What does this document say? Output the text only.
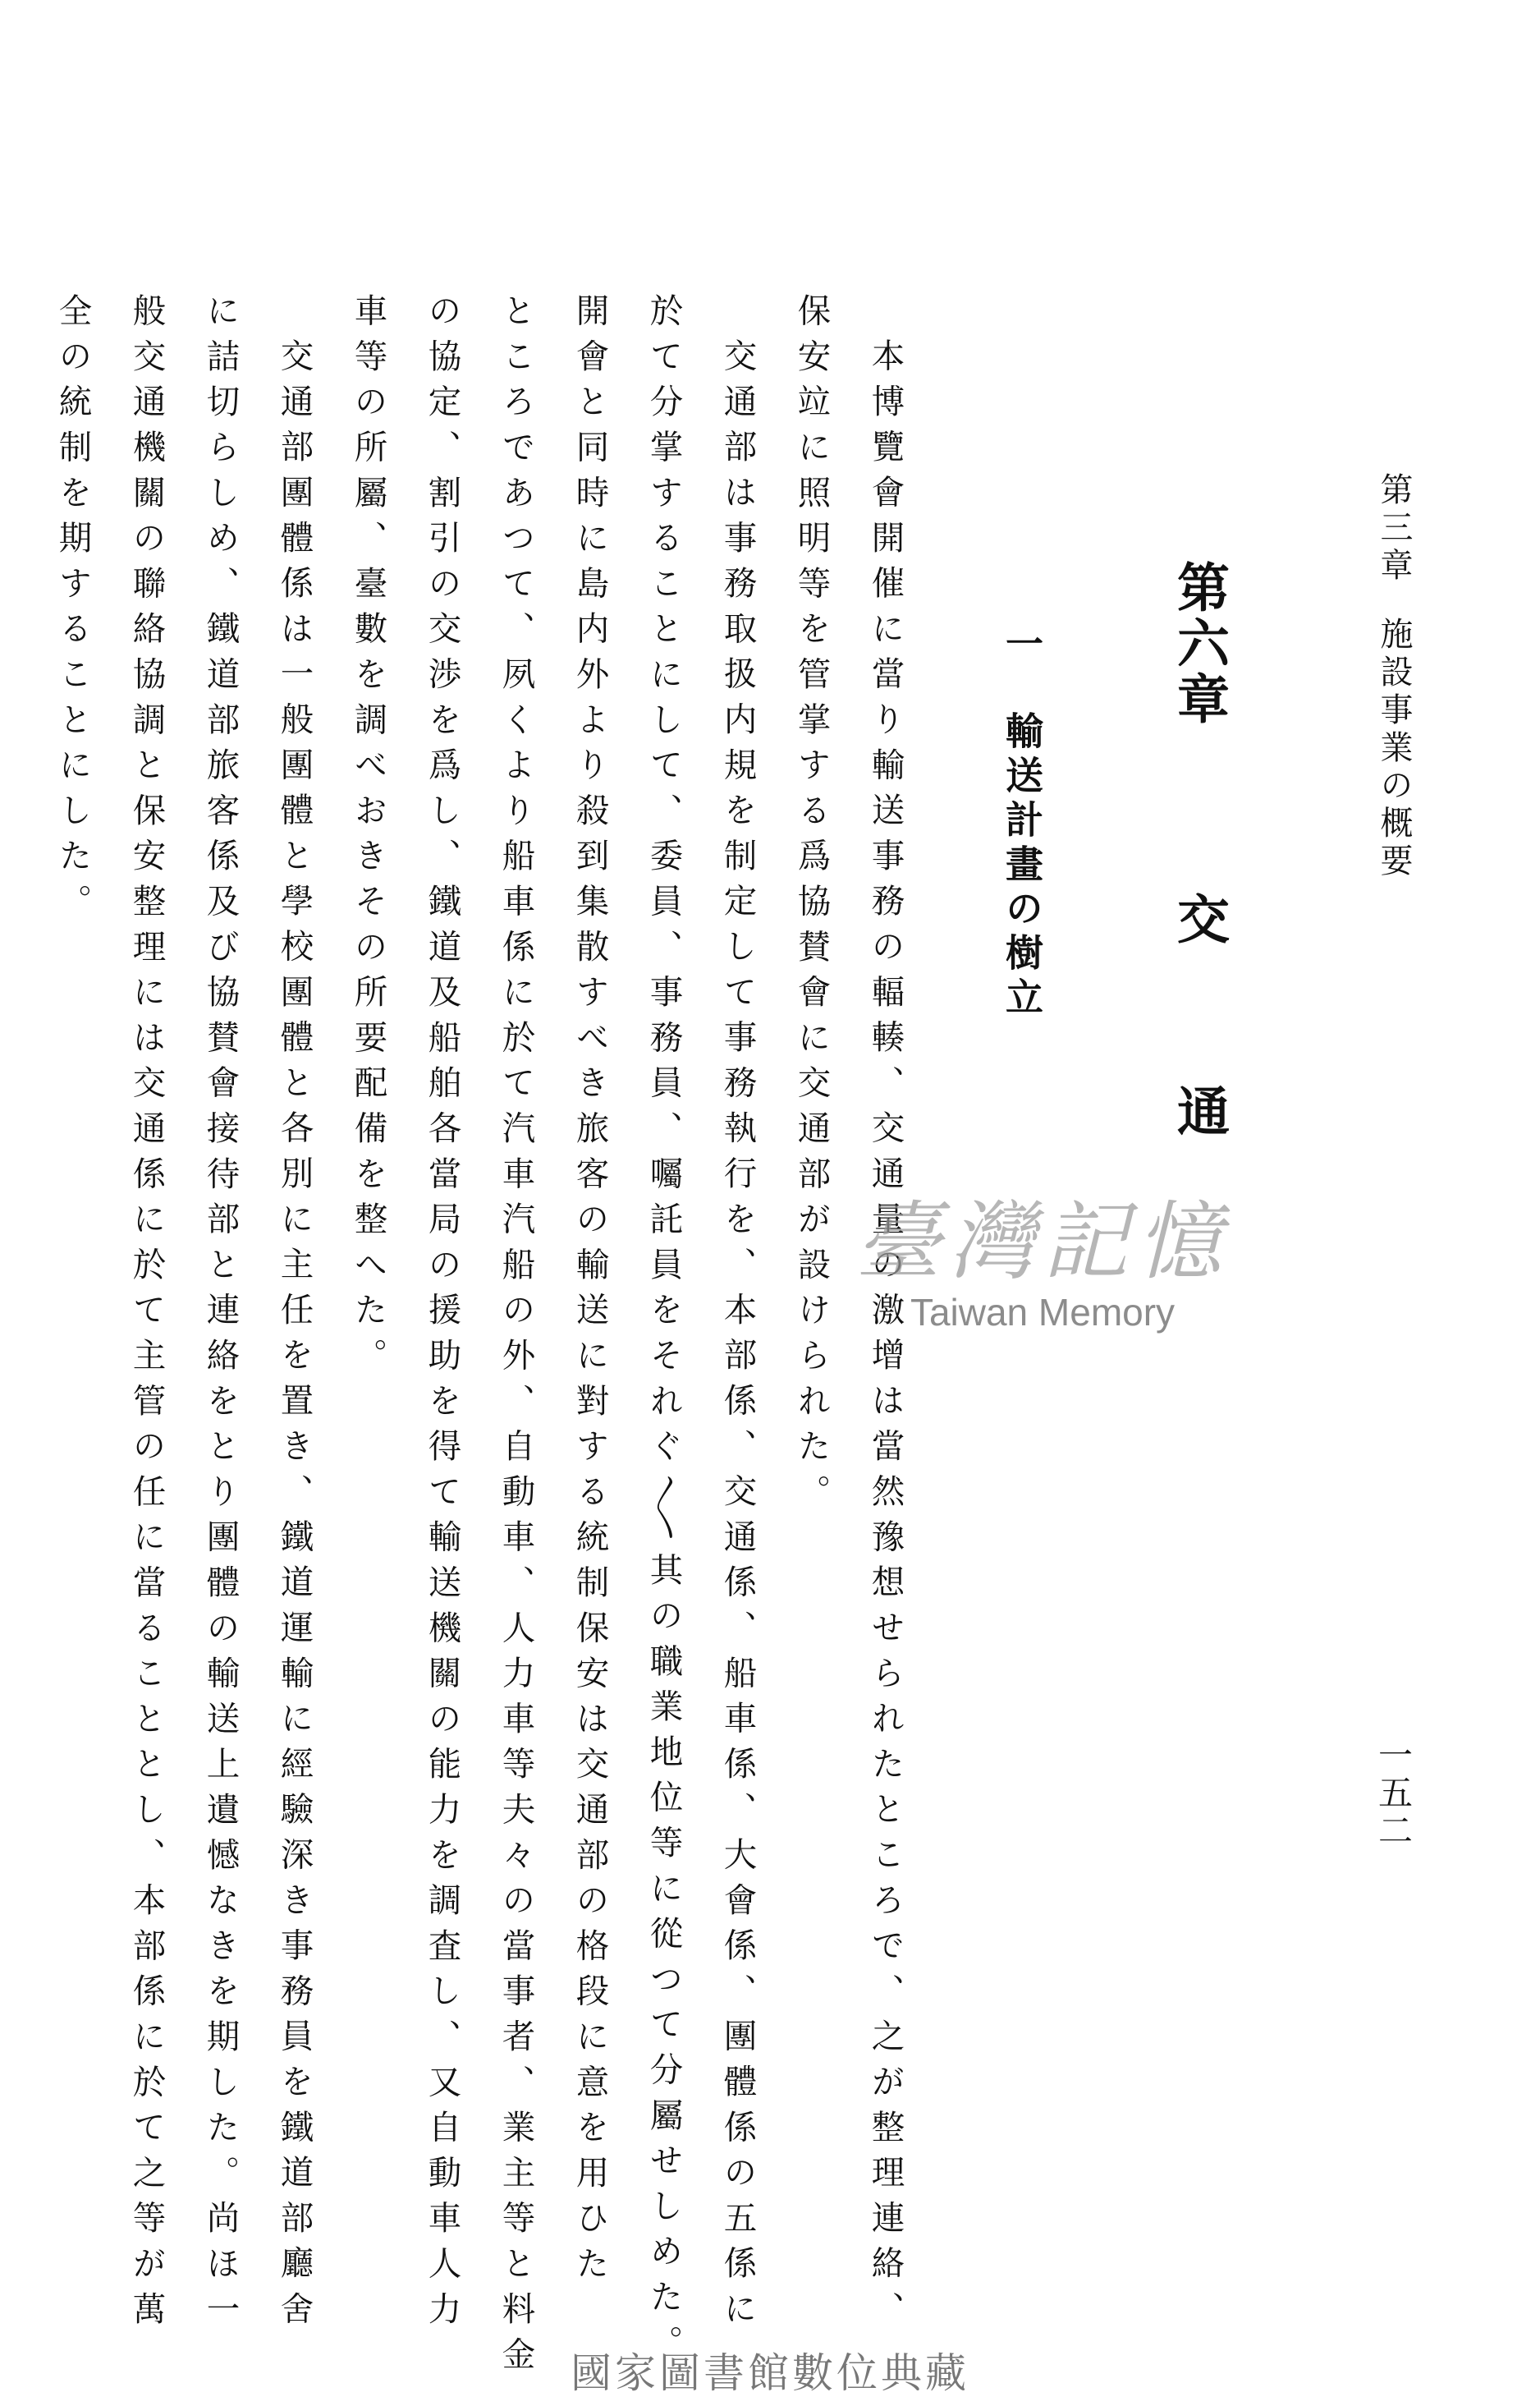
第三章施設事業の概要
一五二
第六章交通
一輸送計畫の樹立
本博覽會開催に當り輸送事務の輻輳、交通量の激增は當然豫想せられたところで、之が整理連絡、
保安竝に照明等を管掌する爲協賛會に交通部が設けられた。
交通部は事務取扱内規を制定して事務執行を、本部係、交通係、船車係、大會係、團體係の五係に
於て分掌することにして、委員、事務員、囑託員をそれぐ〳〵其の職業地位等に從つて分屬せしめた。
開會と同時に島内外より殺到集散すべき旅客の輸送に對する統制保安は交通部の格段に意を用ひた
ところであつて、夙くより船車係に於て汽車汽船の外、自動車、人力車等夫々の當事者、業主等と料金
の協定、割引の交渉を爲し、鐵道及船舶各當局の援助を得て輸送機關の能力を調査し、又自動車人力
車等の所屬、臺數を調べおきその所要配備を整へた。
交通部團體係は一般團體と學校團體と各別に主任を置き、鐵道運輸に經驗深き事務員を鐵道部廳舍
に詰切らしめ、鐵道部旅客係及び協賛會接待部と連絡をとり團體の輸送上遺憾なきを期した。尚ほ一
般交通機關の聯絡協調と保安整理には交通係に於て主管の任に當ることとし、本部係に於て之等が萬
全の統制を期することにした。
臺灣記憶
Taiwan Memory
國家圖書館數位典藏
